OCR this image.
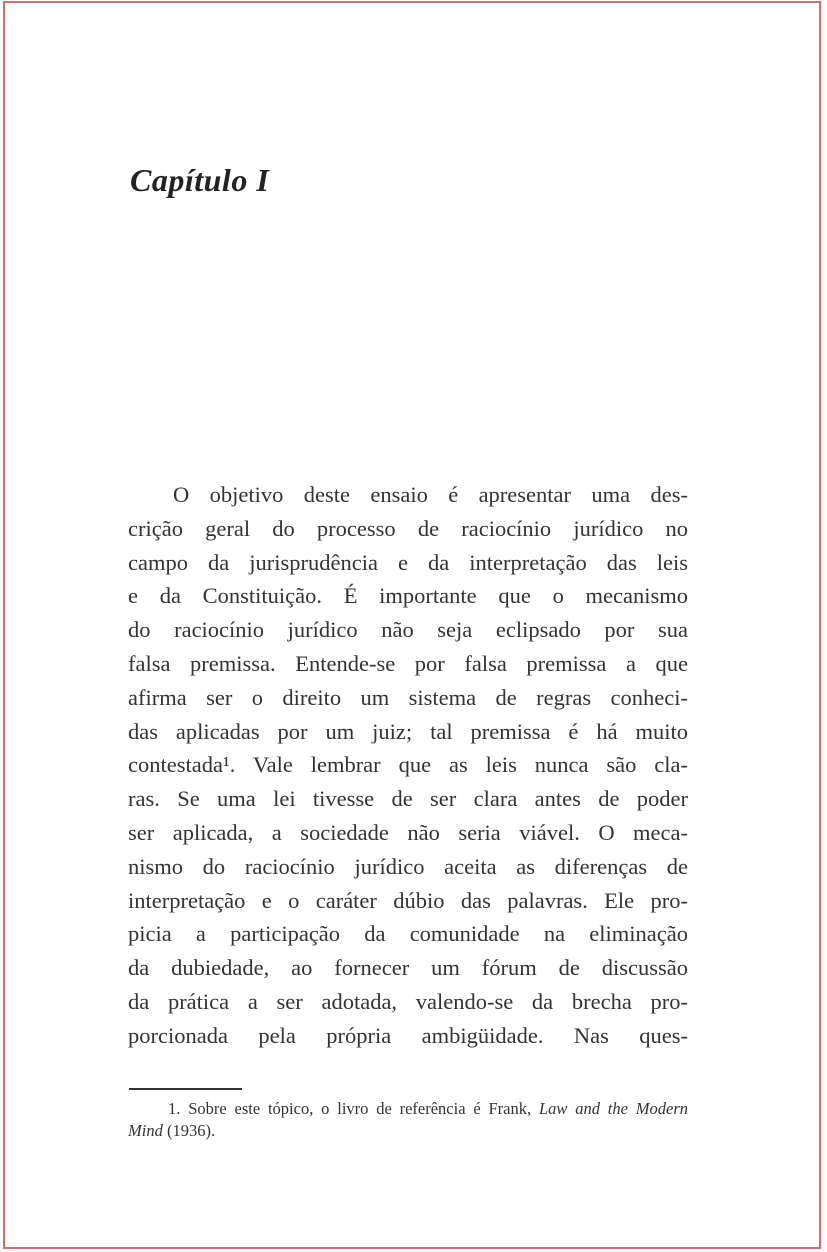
Capítulo I
O objetivo deste ensaio é apresentar uma des-
crição geral do processo de raciocínio jurídico no
campo da jurisprudência e da interpretação das leis
e da Constituição. É importante que o mecanismo
do raciocínio jurídico não seja eclipsado por sua
falsa premissa. Entende-se por falsa premissa a que
afirma ser o direito um sistema de regras conheci-
das aplicadas por um juiz; tal premissa é há muito
contestada¹. Vale lembrar que as leis nunca são cla-
ras. Se uma lei tivesse de ser clara antes de poder
ser aplicada, a sociedade não seria viável. O meca-
nismo do raciocínio jurídico aceita as diferenças de
interpretação e o caráter dúbio das palavras. Ele pro-
picia a participação da comunidade na eliminação
da dubiedade, ao fornecer um fórum de discussão
da prática a ser adotada, valendo-se da brecha pro-
porcionada pela própria ambigüidade. Nas ques-
1. Sobre este tópico, o livro de referência é Frank, Law and the Modern
Mind (1936).
